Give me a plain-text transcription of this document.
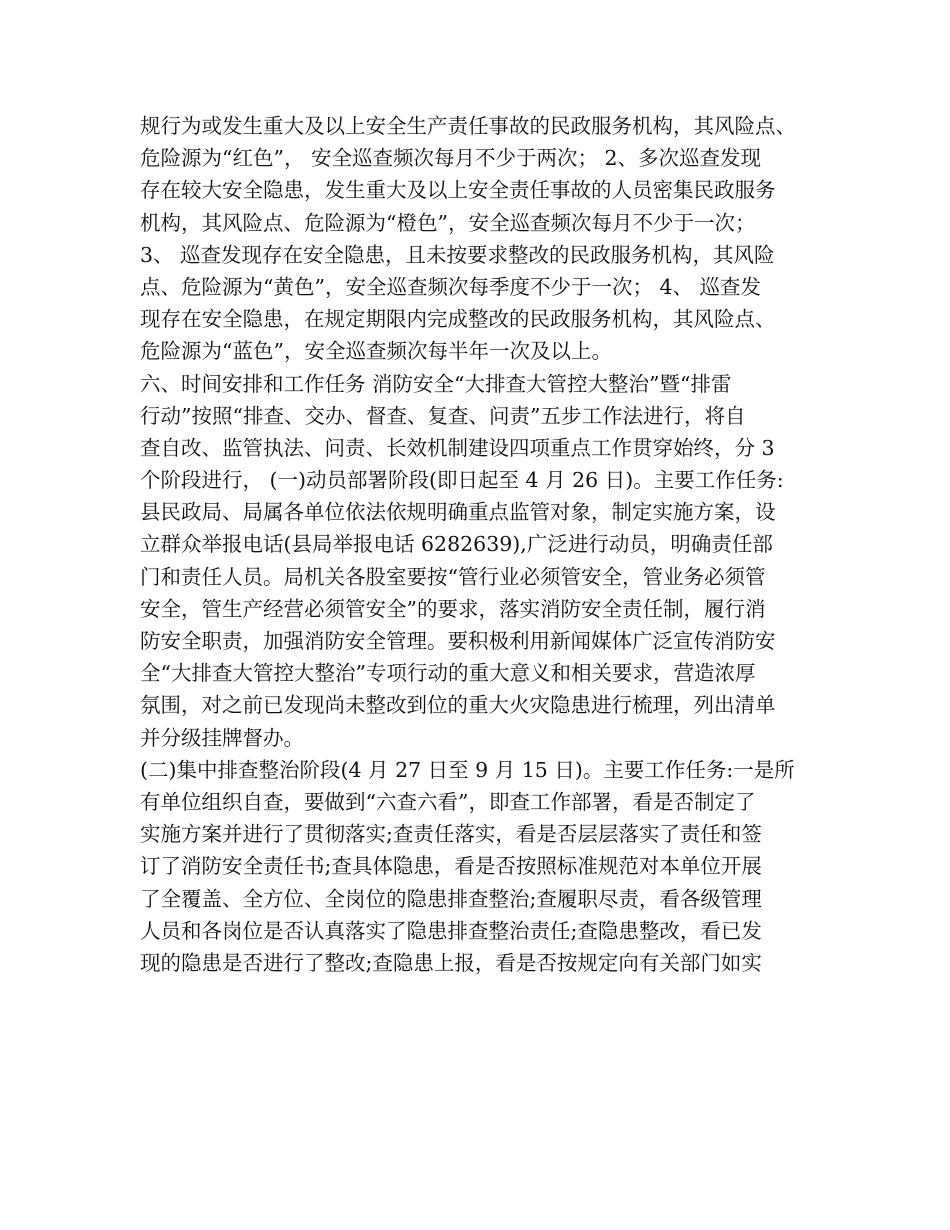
规行为或发生重大及以上安全生产责任事故的民政服务机构，其风险点、
危险源为“红色”， 安全巡查频次每月不少于两次； 2、多次巡查发现
存在较大安全隐患，发生重大及以上安全责任事故的人员密集民政服务
机构，其风险点、危险源为“橙色”，安全巡查频次每月不少于一次；
3、 巡查发现存在安全隐患，且未按要求整改的民政服务机构，其风险
点、危险源为“黄色”，安全巡查频次每季度不少于一次； 4、 巡查发
现存在安全隐患，在规定期限内完成整改的民政服务机构，其风险点、
危险源为“蓝色”，安全巡查频次每半年一次及以上。
六、时间安排和工作任务 消防安全“大排查大管控大整治”暨“排雷
行动”按照“排查、交办、督查、复查、问责”五步工作法进行，将自
查自改、监管执法、问责、长效机制建设四项重点工作贯穿始终，分 3
个阶段进行， (一)动员部署阶段(即日起至 4 月 26 日)。主要工作任务:
县民政局、局属各单位依法依规明确重点监管对象，制定实施方案，设
立群众举报电话(县局举报电话 6282639),广泛进行动员，明确责任部
门和责任人员。局机关各股室要按“管行业必须管安全，管业务必须管
安全，管生产经营必须管安全”的要求，落实消防安全责任制，履行消
防安全职责，加强消防安全管理。要积极利用新闻媒体广泛宣传消防安
全“大排查大管控大整治”专项行动的重大意义和相关要求，营造浓厚
氛围，对之前已发现尚未整改到位的重大火灾隐患进行梳理，列出清单
并分级挂牌督办。
(二)集中排查整治阶段(4 月 27 日至 9 月 15 日)。主要工作任务:一是所
有单位组织自查，要做到“六查六看”，即查工作部署，看是否制定了
实施方案并进行了贯彻落实;查责任落实，看是否层层落实了责任和签
订了消防安全责任书;查具体隐患，看是否按照标准规范对本单位开展
了全覆盖、全方位、全岗位的隐患排查整治;查履职尽责，看各级管理
人员和各岗位是否认真落实了隐患排查整治责任;查隐患整改，看已发
现的隐患是否进行了整改;查隐患上报，看是否按规定向有关部门如实
